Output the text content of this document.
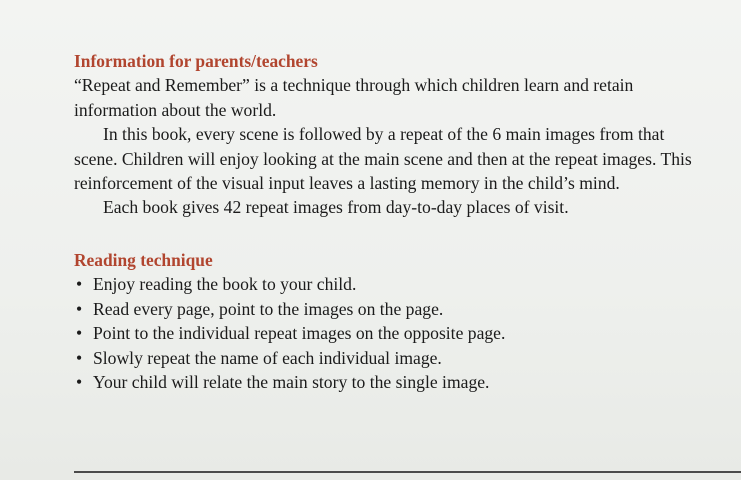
Information for parents/teachers

“Repeat and Remember” is a technique through which children learn and retain information about the world.

In this book, every scene is followed by a repeat of the 6 main images from that scene. Children will enjoy looking at the main scene and then at the repeat images. This reinforcement of the visual input leaves a lasting memory in the child’s mind.

Each book gives 42 repeat images from day-to-day places of visit.

Reading technique
• Enjoy reading the book to your child.
• Read every page, point to the images on the page.
• Point to the individual repeat images on the opposite page.
• Slowly repeat the name of each individual image.
• Your child will relate the main story to the single image.
